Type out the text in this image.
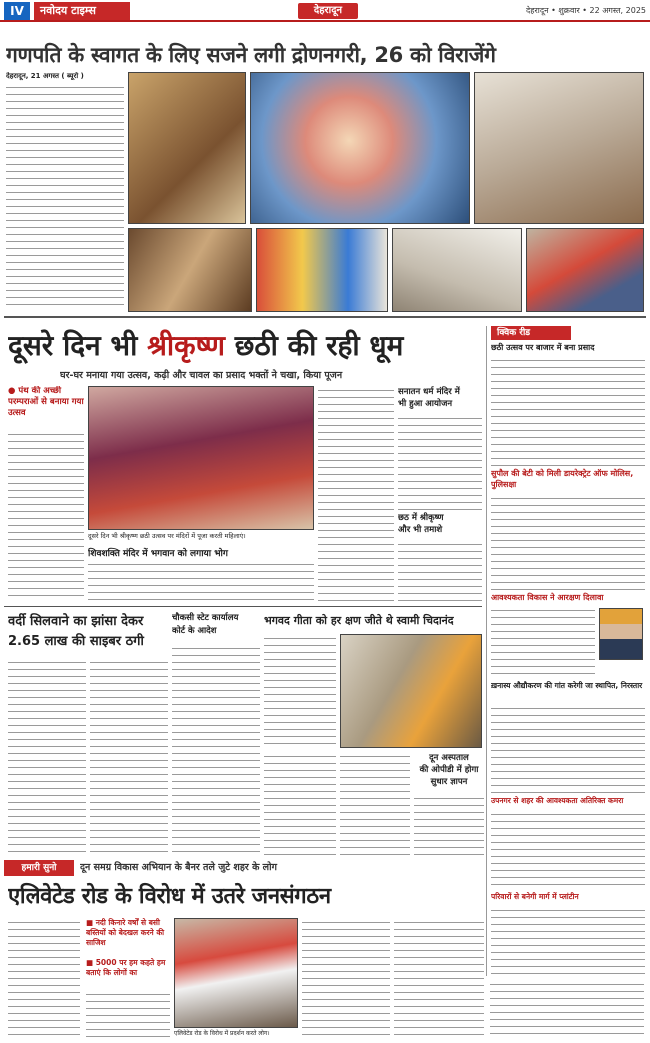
IV	नवोदय टाइम्स	देहरादून	देहरादून • शुक्रवार • 22 अगस्त, 2025
गणपति के स्वागत के लिए सजने लगी द्रोणनगरी, 26 को विराजेंगे
देहरादून, 21 अगस्त ( ब्यूरो )
दूसरे दिन भी श्रीकृष्ण छठी की रही धूम
घर-घर मनाया गया उत्सव, कढ़ी और चावल का प्रसाद भक्तों ने चखा, किया पूजन
● पंथ की अच्छी परम्पराओं से बनाया गया उत्सव
दूसरे दिन भी श्रीकृष्ण छठी उत्सव पर मंदिरों में पूजा करती महिलाएं।
शिवशक्ति मंदिर में भगवान को लगाया भोग
सनातन धर्म मंदिर में
भी हुआ आयोजन
छठ में श्रीकृष्ण
और भी तमाशे
क्विक रीड
छठी उत्सव पर बाजार में बना प्रसाद
सुपौल की बेटी को मिली डायरेक्ट्रेट ऑफ मोलिस, पुलिसक्षा
आवश्यकता विकास ने आरक्षण दिलावा
ख़नास्य औद्यौकरण की गांत करेगी जा स्थापित, निरस्तार
उपनगर से शहर की आवश्यकता अतिरिक्त कमरा
परिवारों से बनेगी मार्ग में प्लांटीन
वर्दी सिलवाने का झांसा देकर
2.65 लाख की साइबर ठगी
चौकसी स्टेट कार्यालय
कोर्ट के आदेश
भगवद गीता को हर क्षण जीते थे स्वामी चिदानंद
दून अस्पताल
की ओपीडी में होगा
सुधार ज्ञापन
हमारी सुनो	दून समग्र विकास अभियान के बैनर तले जुटे शहर के लोग
एलिवेटेड रोड के विरोध में उतरे जनसंगठन
■ नदी किनारे वर्षों से बसी बस्तियों को बेदखल करने की साजिश
■ 5000 पर हम कहते हम बताएं कि लोगों का
एलिवेटेड रोड के विरोध में प्रदर्शन करते लोग।
